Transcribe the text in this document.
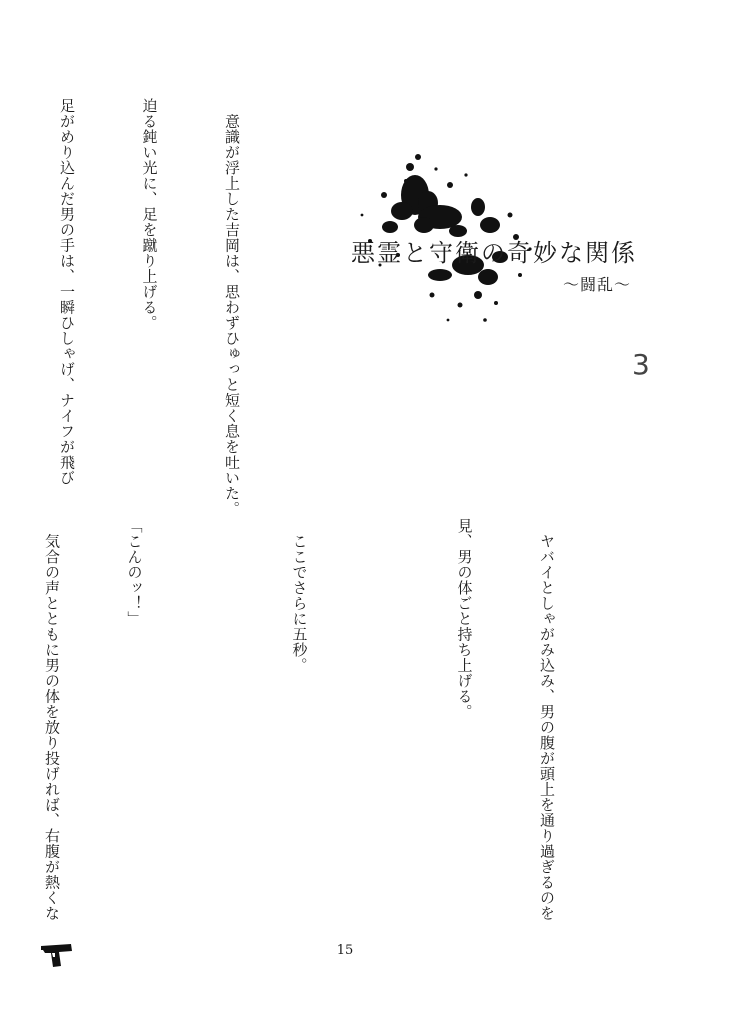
悪霊と守衛の奇妙な関係
〜闘乱〜
3

　意識が浮上した吉岡は、思わずひゅっと短く息を吐いた。

迫る鈍い光に、足を蹴り上げる。

足がめり込んだ男の手は、一瞬ひしゃげ、ナイフが飛び

　ヤバイとしゃがみ込み、男の腹が頭上を通り過ぎるのを

見、男の体ごと持ち上げる。

　ここでさらに五秒。

「こんのッ！」

　気合の声とともに男の体を放り投げれば、右腹が熱くな

15
